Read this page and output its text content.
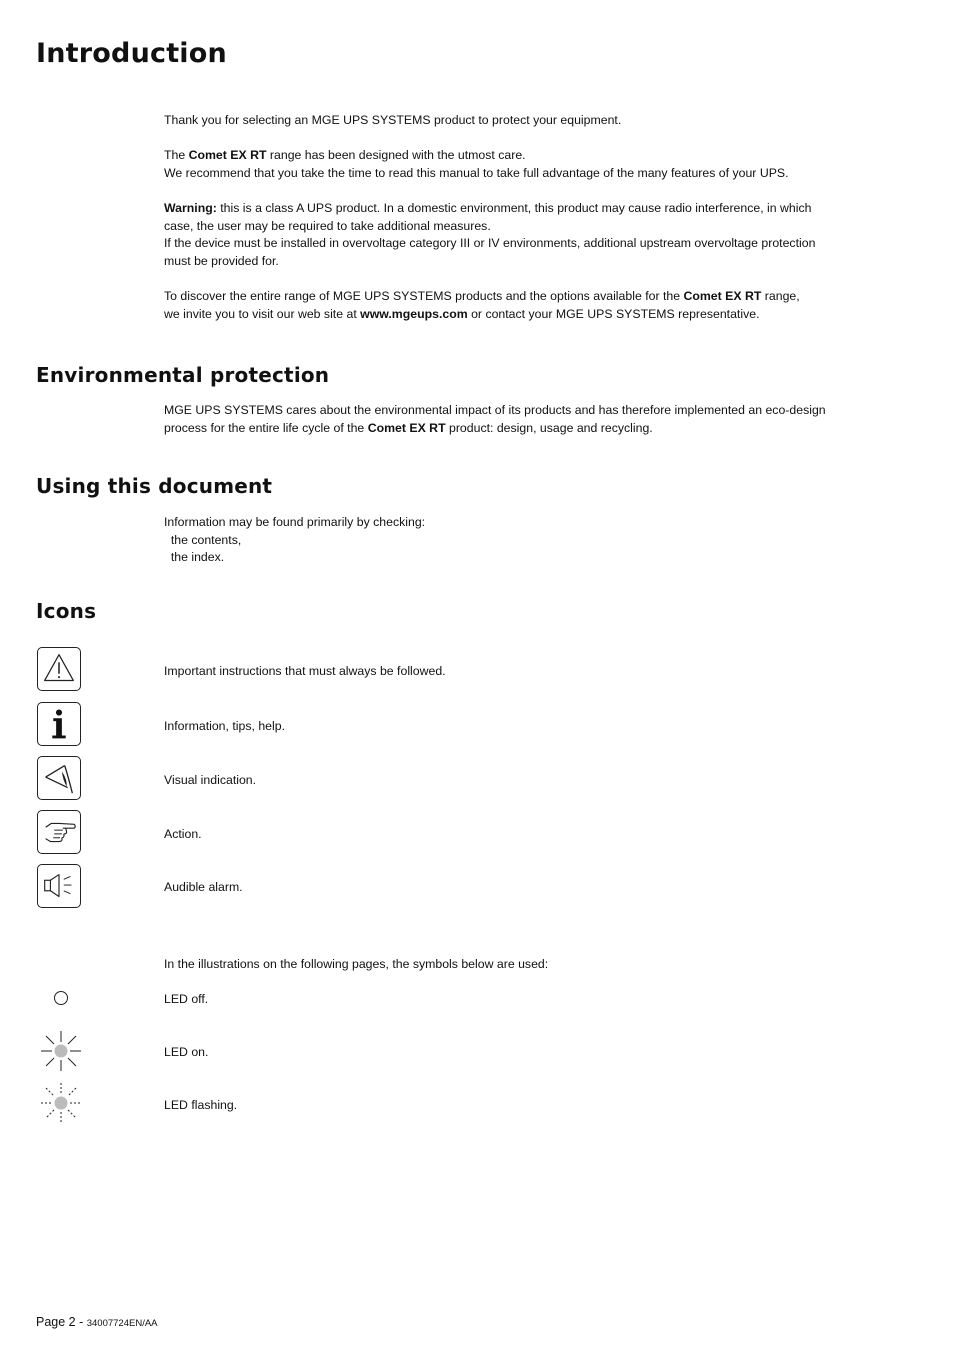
Introduction

Thank you for selecting an MGE UPS SYSTEMS product to protect your equipment.

The Comet EX RT range has been designed with the utmost care.
We recommend that you take the time to read this manual to take full advantage of the many features of your UPS.

Warning: this is a class A UPS product. In a domestic environment, this product may cause radio interference, in which
case, the user may be required to take additional measures.
If the device must be installed in overvoltage category III or IV environments, additional upstream overvoltage protection
must be provided for.

To discover the entire range of MGE UPS SYSTEMS products and the options available for the Comet EX RT range,
we invite you to visit our web site at www.mgeups.com or contact your MGE UPS SYSTEMS representative.

Environmental protection

MGE UPS SYSTEMS cares about the environmental impact of its products and has therefore implemented an eco-design
process for the entire life cycle of the Comet EX RT product: design, usage and recycling.

Using this document

Information may be found primarily by checking:
the contents,
the index.

Icons
Important instructions that must always be followed.
Information, tips, help.
Visual indication.
Action.
Audible alarm.

In the illustrations on the following pages, the symbols below are used:

LED off.
LED on.
LED flashing.
Page 2 - 34007724EN/AA
